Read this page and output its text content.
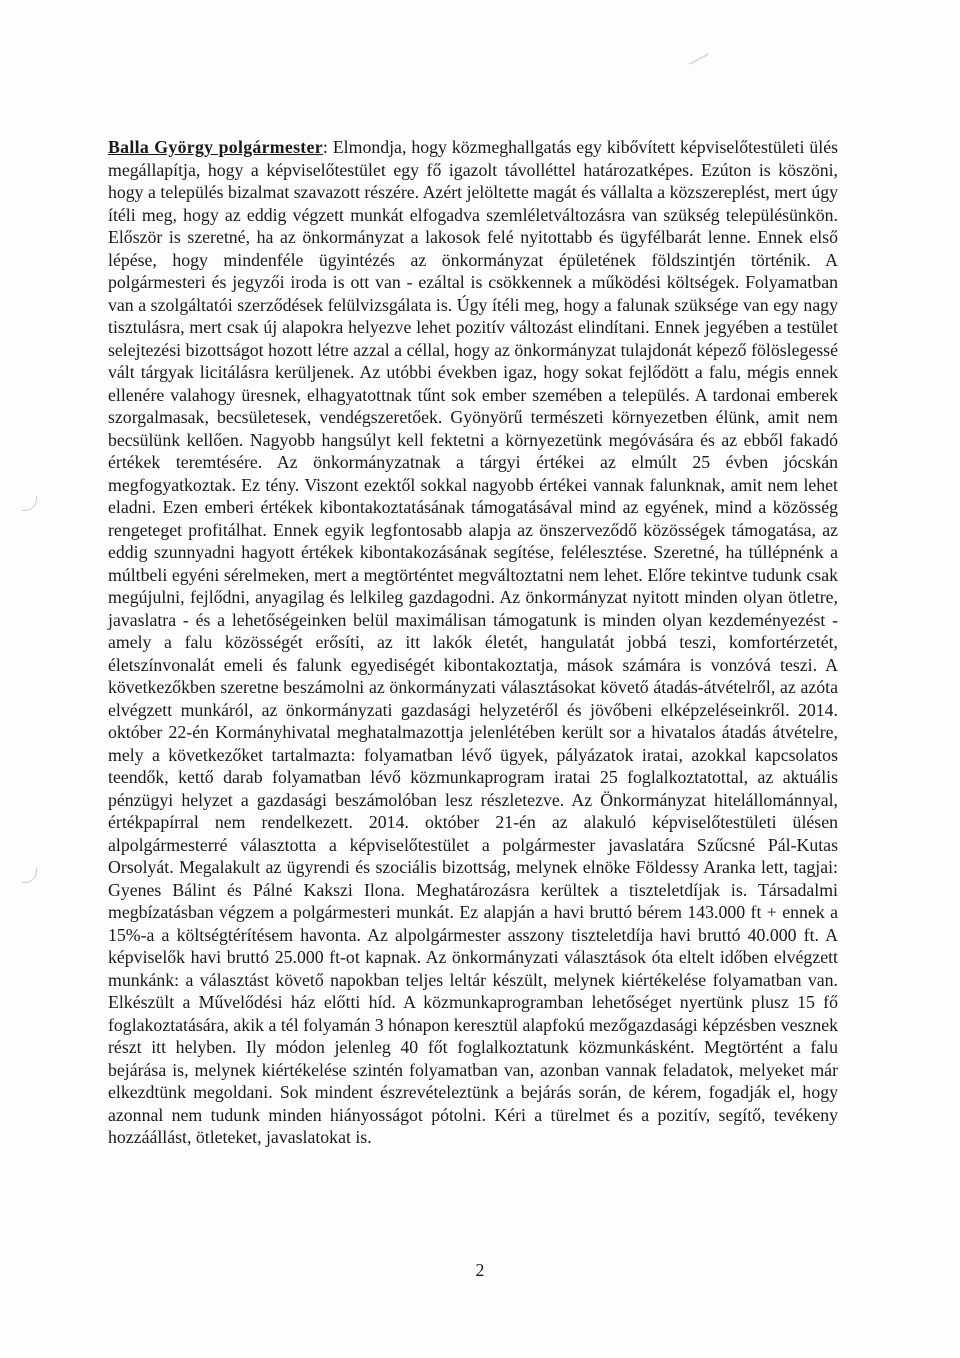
Balla György polgármester: Elmondja, hogy közmeghallgatás egy kibővített képviselőtestületi ülés megállapítja, hogy a képviselőtestület egy fő igazolt távolléttel határozatképes. Ezúton is köszöni, hogy a település bizalmat szavazott részére. Azért jelöltette magát és vállalta a közszereplést, mert úgy ítéli meg, hogy az eddig végzett munkát elfogadva szemléletváltozásra van szükség településünkön. Először is szeretné, ha az önkormányzat a lakosok felé nyitottabb és ügyfélbarát lenne. Ennek első lépése, hogy mindenféle ügyintézés az önkormányzat épületének földszintjén történik. A polgármesteri és jegyzői iroda is ott van - ezáltal is csökkennek a működési költségek. Folyamatban van a szolgáltatói szerződések felülvizsgálata is. Úgy ítéli meg, hogy a falunak szüksége van egy nagy tisztulásra, mert csak új alapokra helyezve lehet pozitív változást elindítani. Ennek jegyében a testület selejtezési bizottságot hozott létre azzal a céllal, hogy az önkormányzat tulajdonát képező fölöslegessé vált tárgyak licitálásra kerüljenek. Az utóbbi években igaz, hogy sokat fejlődött a falu, mégis ennek ellenére valahogy üresnek, elhagyatottnak tűnt sok ember szemében a település. A tardonai emberek szorgalmasak, becsületesek, vendégszeretőek. Gyönyörű természeti környezetben élünk, amit nem becsülünk kellően. Nagyobb hangsúlyt kell fektetni a környezetünk megóvására és az ebből fakadó értékek teremtésére. Az önkormányzatnak a tárgyi értékei az elmúlt 25 évben jócskán megfogyatkoztak. Ez tény. Viszont ezektől sokkal nagyobb értékei vannak falunknak, amit nem lehet eladni. Ezen emberi értékek kibontakoztatásának támogatásával mind az egyének, mind a közösség rengeteget profitálhat. Ennek egyik legfontosabb alapja az önszerveződő közösségek támogatása, az eddig szunnyadni hagyott értékek kibontakozásának segítése, felélesztése. Szeretné, ha túllépnénk a múltbeli egyéni sérelmeken, mert a megtörténtet megváltoztatni nem lehet. Előre tekintve tudunk csak megújulni, fejlődni, anyagilag és lelkileg gazdagodni. Az önkormányzat nyitott minden olyan ötletre, javaslatra - és a lehetőségeinken belül maximálisan támogatunk is minden olyan kezdeményezést - amely a falu közösségét erősíti, az itt lakók életét, hangulatát jobbá teszi, komfortérzetét, életszínvonalát emeli és falunk egyediségét kibontakoztatja, mások számára is vonzóvá teszi. A következőkben szeretne beszámolni az önkormányzati választásokat követő átadás-átvételről, az azóta elvégzett munkáról, az önkormányzati gazdasági helyzetéről és jövőbeni elképzeléseinkről. 2014. október 22-én Kormányhivatal meghatalmazottja jelenlétében került sor a hivatalos átadás átvételre, mely a következőket tartalmazta: folyamatban lévő ügyek, pályázatok iratai, azokkal kapcsolatos teendők, kettő darab folyamatban lévő közmunkaprogram iratai 25 foglalkoztatottal, az aktuális pénzügyi helyzet a gazdasági beszámolóban lesz részletezve. Az Önkormányzat hitelállománnyal, értékpapírral nem rendelkezett. 2014. október 21-én az alakuló képviselőtestületi ülésen alpolgármesterré választotta a képviselőtestület a polgármester javaslatára Szűcsné Pál-Kutas Orsolyát. Megalakult az ügyrendi és szociális bizottság, melynek elnöke Földessy Aranka lett, tagjai: Gyenes Bálint és Pálné Kakszi Ilona. Meghatározásra kerültek a tiszteletdíjak is. Társadalmi megbízatásban végzem a polgármesteri munkát. Ez alapján a havi bruttó bérem 143.000 ft + ennek a 15%-a a költségtérítésem havonta. Az alpolgármester asszony tiszteletdíja havi bruttó 40.000 ft. A képviselők havi bruttó 25.000 ft-ot kapnak. Az önkormányzati választások óta eltelt időben elvégzett munkánk: a választást követő napokban teljes leltár készült, melynek kiértékelése folyamatban van. Elkészült a Művelődési ház előtti híd. A közmunkaprogramban lehetőséget nyertünk plusz 15 fő foglakoztatására, akik a tél folyamán 3 hónapon keresztül alapfokú mezőgazdasági képzésben vesznek részt itt helyben. Ily módon jelenleg 40 főt foglalkoztatunk közmunkásként. Megtörtént a falu bejárása is, melynek kiértékelése szintén folyamatban van, azonban vannak feladatok, melyeket már elkezdtünk megoldani. Sok mindent észrevételeztünk a bejárás során, de kérem, fogadják el, hogy azonnal nem tudunk minden hiányosságot pótolni. Kéri a türelmet és a pozitív, segítő, tevékeny hozzáállást, ötleteket, javaslatokat is.

2
